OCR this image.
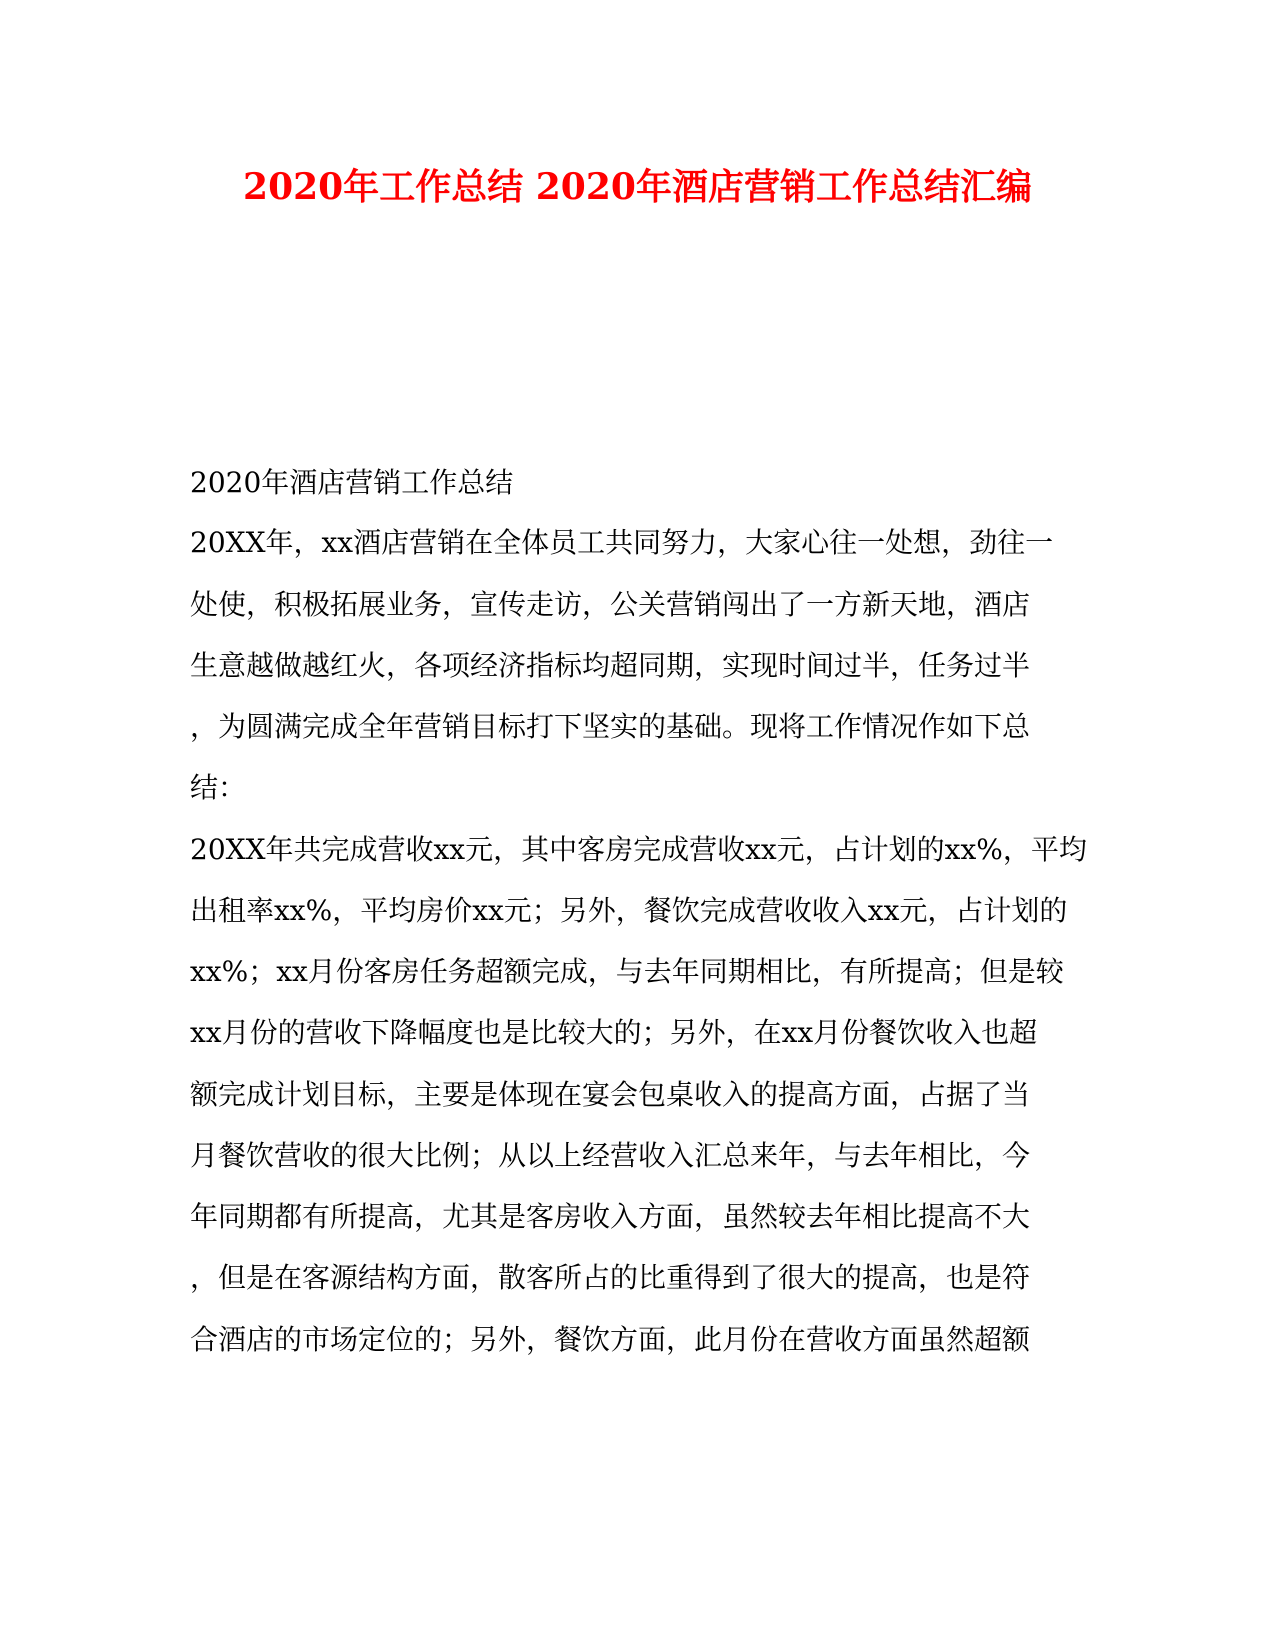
2020年工作总结 2020年酒店营销工作总结汇编

2020年酒店营销工作总结

20XX年，xx酒店营销在全体员工共同努力，大家心往一处想，劲往一

处使，积极拓展业务，宣传走访，公关营销闯出了一方新天地，酒店

生意越做越红火，各项经济指标均超同期，实现时间过半，任务过半

，为圆满完成全年营销目标打下坚实的基础。现将工作情况作如下总

结：

20XX年共完成营收xx元，其中客房完成营收xx元，占计划的xx%，平均

出租率xx%，平均房价xx元；另外，餐饮完成营收收入xx元，占计划的

xx%；xx月份客房任务超额完成，与去年同期相比，有所提高；但是较

xx月份的营收下降幅度也是比较大的；另外，在xx月份餐饮收入也超

额完成计划目标，主要是体现在宴会包桌收入的提高方面，占据了当

月餐饮营收的很大比例；从以上经营收入汇总来年，与去年相比，今

年同期都有所提高，尤其是客房收入方面，虽然较去年相比提高不大

，但是在客源结构方面，散客所占的比重得到了很大的提高，也是符

合酒店的市场定位的；另外，餐饮方面，此月份在营收方面虽然超额
